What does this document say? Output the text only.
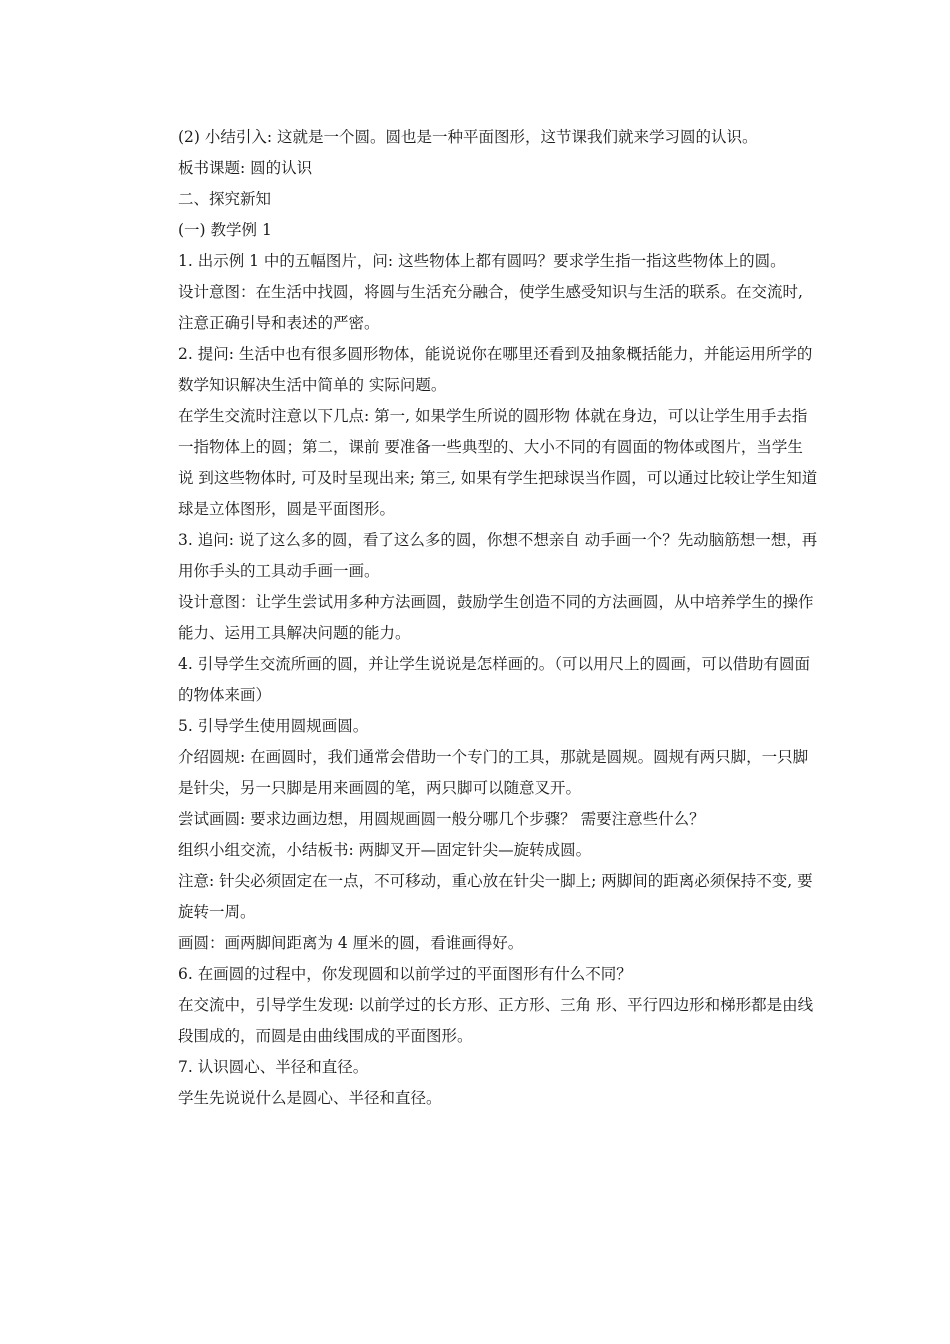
(2) 小结引入: 这就是一个圆。圆也是一种平面图形，这节课我们就来学习圆的认识。

板书课题: 圆的认识

二、探究新知

(一) 教学例 1

1. 出示例 1 中的五幅图片，问: 这些物体上都有圆吗？要求学生指一指这些物体上的圆。

设计意图：在生活中找圆，将圆与生活充分融合，使学生感受知识与生活的联系。在交流时, 注意正确引导和表述的严密。

2. 提问: 生活中也有很多圆形物体，能说说你在哪里还看到及抽象概括能力，并能运用所学的数学知识解决生活中简单的 实际问题。

在学生交流时注意以下几点: 第一, 如果学生所说的圆形物 体就在身边，可以让学生用手去指一指物体上的圆；第二，课前 要准备一些典型的、大小不同的有圆面的物体或图片，当学生说 到这些物体时, 可及时呈现出来; 第三, 如果有学生把球误当作圆，可以通过比较让学生知道球是立体图形，圆是平面图形。

3. 追问: 说了这么多的圆，看了这么多的圆，你想不想亲自 动手画一个？先动脑筋想一想，再用你手头的工具动手画一画。

设计意图：让学生尝试用多种方法画圆，鼓励学生创造不同的方法画圆，从中培养学生的操作能力、运用工具解决问题的能力。

4. 引导学生交流所画的圆，并让学生说说是怎样画的。（可以用尺上的圆画，可以借助有圆面的物体来画）

5. 引导学生使用圆规画圆。

介绍圆规: 在画圆时，我们通常会借助一个专门的工具，那就是圆规。圆规有两只脚，一只脚是针尖，另一只脚是用来画圆的笔，两只脚可以随意叉开。

尝试画圆: 要求边画边想，用圆规画圆一般分哪几个步骤？ 需要注意些什么？

组织小组交流，小结板书: 两脚叉开—固定针尖—旋转成圆。

注意: 针尖必须固定在一点，不可移动，重心放在针尖一脚上; 两脚间的距离必须保持不变, 要旋转一周。

画圆：画两脚间距离为 4 厘米的圆，看谁画得好。

6. 在画圆的过程中，你发现圆和以前学过的平面图形有什么不同？

在交流中，引导学生发现: 以前学过的长方形、正方形、三角 形、平行四边形和梯形都是由线段围成的，而圆是由曲线围成的平面图形。

7. 认识圆心、半径和直径。

学生先说说什么是圆心、半径和直径。
